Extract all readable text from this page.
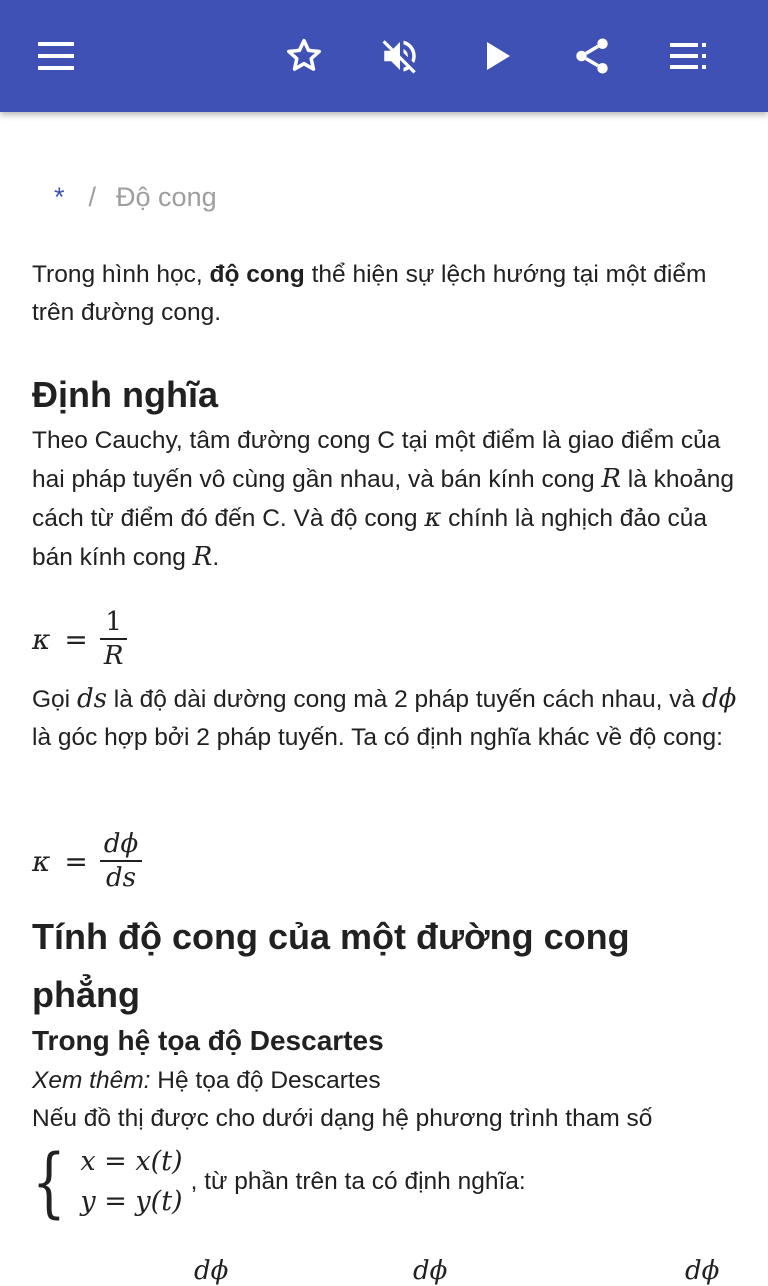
* / Độ cong

Trong hình học, độ cong thể hiện sự lệch hướng tại một điểm trên đường cong.

Định nghĩa

Theo Cauchy, tâm đường cong C tại một điểm là giao điểm của hai pháp tuyến vô cùng gần nhau, và bán kính cong R là khoảng cách từ điểm đó đến C. Và độ cong κ chính là nghịch đảo của bán kính cong R.

$\kappa = \frac{1}{R}$

Gọi ds là độ dài dường cong mà 2 pháp tuyến cách nhau, và dϕ là góc hợp bởi 2 pháp tuyến. Ta có định nghĩa khác về độ cong:

$\kappa = \frac{d\phi}{ds}$
Tính độ cong của một đường cong phẳng
Trong hệ tọa độ Descartes

Xem thêm: Hệ tọa độ Descartes

Nếu đồ thị được cho dưới dạng hệ phương trình tham số

{ x = x(t)
y = y(t)
, từ phần trên ta có định nghĩa:
dϕ	dϕ	dϕ
